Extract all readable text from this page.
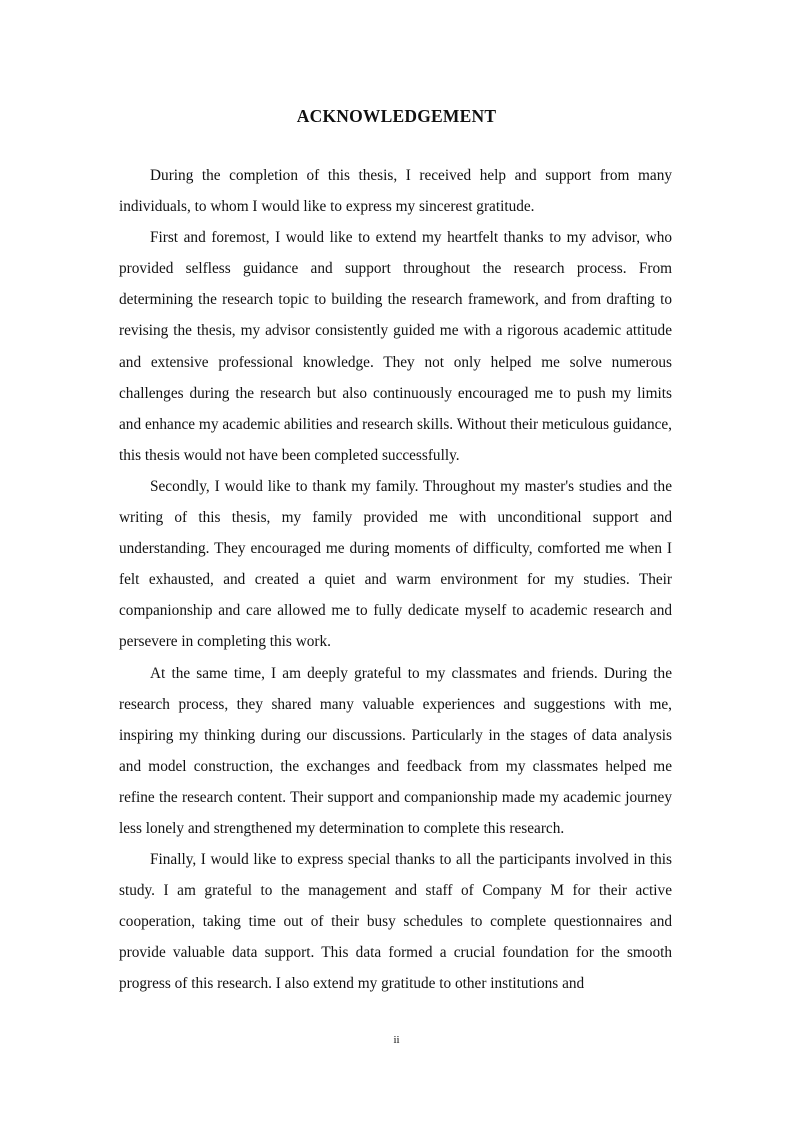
ACKNOWLEDGEMENT

During the completion of this thesis, I received help and support from many individuals, to whom I would like to express my sincerest gratitude.

First and foremost, I would like to extend my heartfelt thanks to my advisor, who provided selfless guidance and support throughout the research process. From determining the research topic to building the research framework, and from drafting to revising the thesis, my advisor consistently guided me with a rigorous academic attitude and extensive professional knowledge. They not only helped me solve numerous challenges during the research but also continuously encouraged me to push my limits and enhance my academic abilities and research skills. Without their meticulous guidance, this thesis would not have been completed successfully.

Secondly, I would like to thank my family. Throughout my master's studies and the writing of this thesis, my family provided me with unconditional support and understanding. They encouraged me during moments of difficulty, comforted me when I felt exhausted, and created a quiet and warm environment for my studies. Their companionship and care allowed me to fully dedicate myself to academic research and persevere in completing this work.

At the same time, I am deeply grateful to my classmates and friends. During the research process, they shared many valuable experiences and suggestions with me, inspiring my thinking during our discussions. Particularly in the stages of data analysis and model construction, the exchanges and feedback from my classmates helped me refine the research content. Their support and companionship made my academic journey less lonely and strengthened my determination to complete this research.

Finally, I would like to express special thanks to all the participants involved in this study. I am grateful to the management and staff of Company M for their active cooperation, taking time out of their busy schedules to complete questionnaires and provide valuable data support. This data formed a crucial foundation for the smooth progress of this research. I also extend my gratitude to other institutions and

ii
